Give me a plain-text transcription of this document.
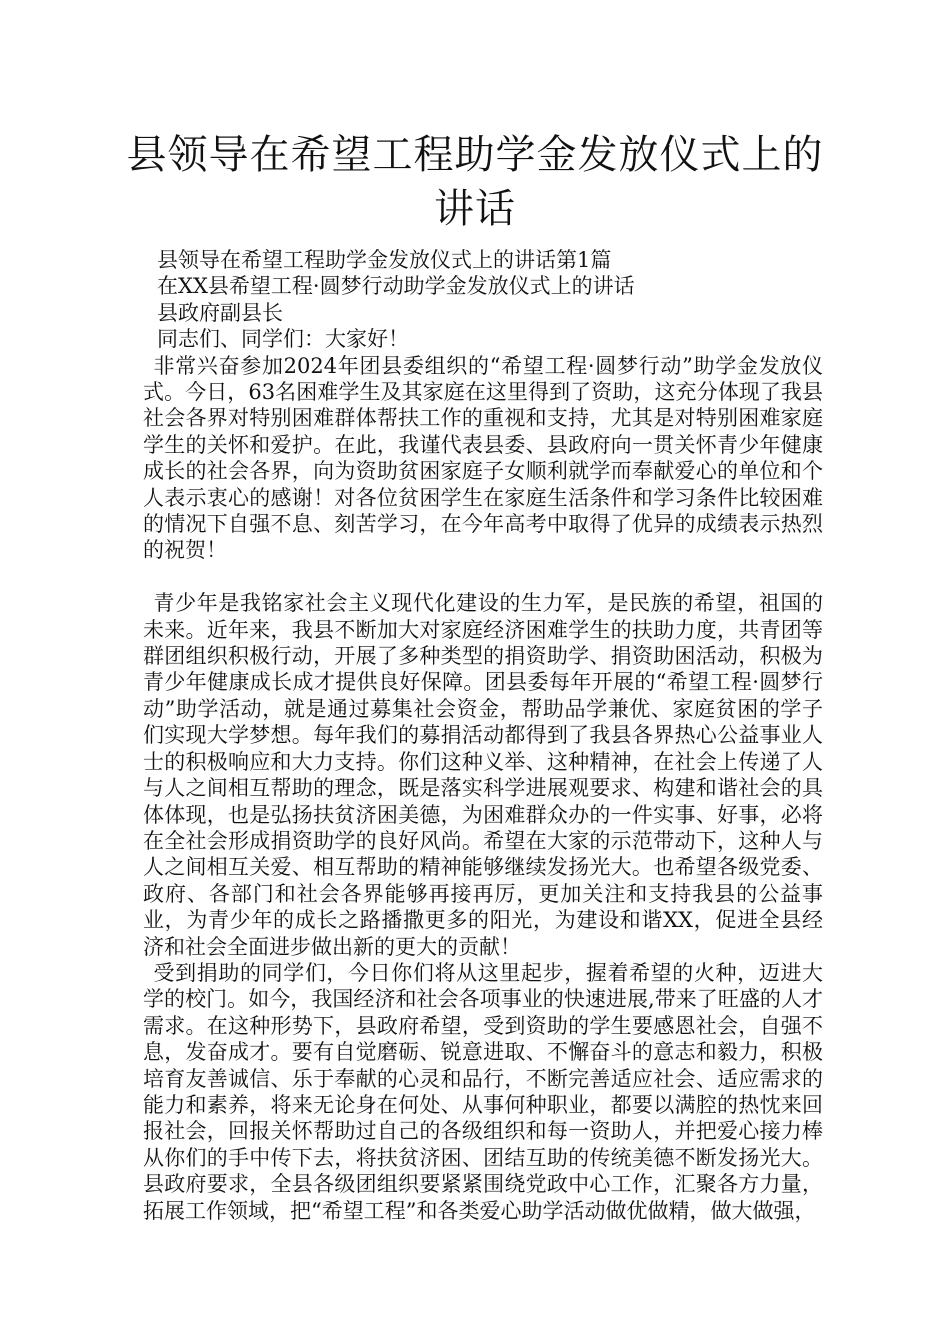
县领导在希望工程助学金发放仪式上的讲话
县领导在希望工程助学金发放仪式上的讲话第1篇
在XX县希望工程·圆梦行动助学金发放仪式上的讲话
县政府副县长
同志们、同学们：大家好！

非常兴奋参加2024年团县委组织的“希望工程·圆梦行动”助学金发放仪式。今日，63名困难学生及其家庭在这里得到了资助，这充分体现了我县社会各界对特别困难群体帮扶工作的重视和支持，尤其是对特别困难家庭学生的关怀和爱护。在此，我谨代表县委、县政府向一贯关怀青少年健康成长的社会各界，向为资助贫困家庭子女顺利就学而奉献爱心的单位和个人表示衷心的感谢！对各位贫困学生在家庭生活条件和学习条件比较困难的情况下自强不息、刻苦学习，在今年高考中取得了优异的成绩表示热烈的祝贺！

青少年是我铭家社会主义现代化建设的生力军，是民族的希望，祖国的未来。近年来，我县不断加大对家庭经济困难学生的扶助力度，共青团等群团组织积极行动，开展了多种类型的捐资助学、捐资助困活动，积极为青少年健康成长成才提供良好保障。团县委每年开展的“希望工程·圆梦行动”助学活动，就是通过募集社会资金，帮助品学兼优、家庭贫困的学子们实现大学梦想。每年我们的募捐活动都得到了我县各界热心公益事业人士的积极响应和大力支持。你们这种义举、这种精神，在社会上传递了人与人之间相互帮助的理念，既是落实科学进展观要求、构建和谐社会的具体体现，也是弘扬扶贫济困美德，为困难群众办的一件实事、好事，必将在全社会形成捐资助学的良好风尚。希望在大家的示范带动下，这种人与人之间相互关爱、相互帮助的精神能够继续发扬光大。也希望各级党委、政府、各部门和社会各界能够再接再厉，更加关注和支持我县的公益事业，为青少年的成长之路播撒更多的阳光，为建设和谐XX，促进全县经济和社会全面进步做出新的更大的贡献！

受到捐助的同学们，今日你们将从这里起步，握着希望的火种，迈进大学的校门。如今，我国经济和社会各项事业的快速进展,带来了旺盛的人才需求。在这种形势下，县政府希望，受到资助的学生要感恩社会，自强不息，发奋成才。要有自觉磨砺、锐意进取、不懈奋斗的意志和毅力，积极培育友善诚信、乐于奉献的心灵和品行，不断完善适应社会、适应需求的能力和素养，将来无论身在何处、从事何种职业，都要以满腔的热忱来回报社会，回报关怀帮助过自己的各级组织和每一资助人，并把爱心接力棒从你们的手中传下去，将扶贫济困、团结互助的传统美德不断发扬光大。县政府要求，全县各级团组织要紧紧围绕党政中心工作，汇聚各方力量，拓展工作领域，把“希望工程”和各类爱心助学活动做优做精，做大做强，
